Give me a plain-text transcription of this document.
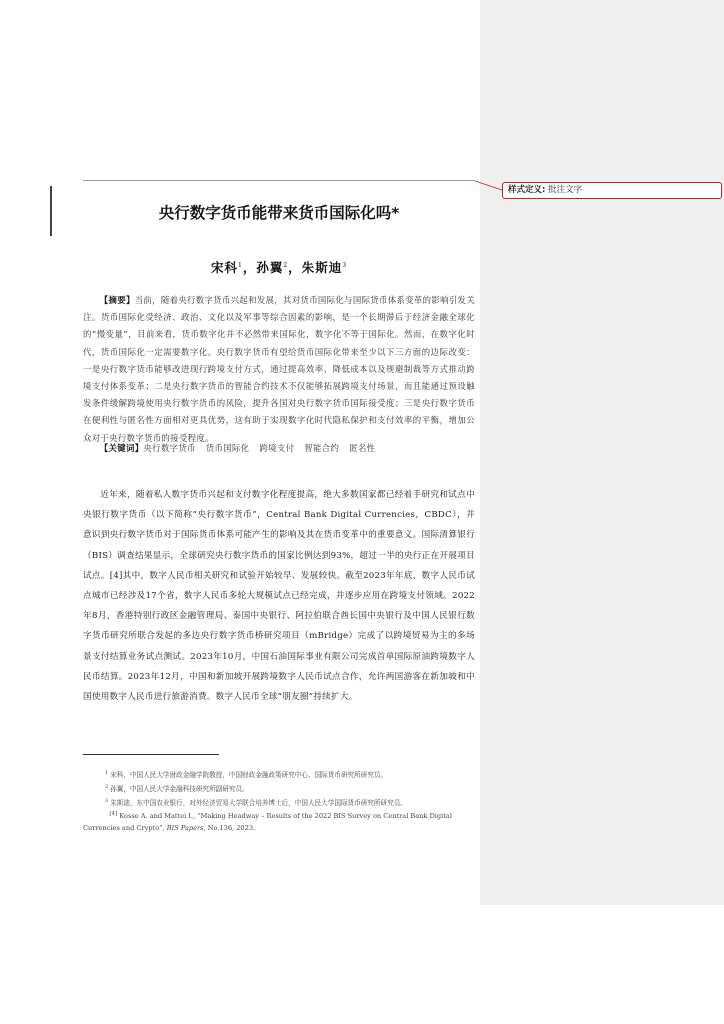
样式定义: 批注文字
央行数字货币能带来货币国际化吗*
宋科$^1$，孙翼$^2$，朱斯迪$^3$
【摘要】当前，随着央行数字货币兴起和发展，其对货币国际化与国际货币体系变革的影响引发关注。货币国际化受经济、政治、文化以及军事等综合因素的影响，是一个长期滞后于经济金融全球化的“慢变量”，目前来看，货币数字化并不必然带来国际化，数字化不等于国际化。然而，在数字化时代，货币国际化一定需要数字化。央行数字货币有望给货币国际化带来至少以下三方面的边际改变：一是央行数字货币能够改进现行跨境支付方式，通过提高效率、降低成本以及规避制裁等方式推动跨境支付体系变革；二是央行数字货币的智能合约技术不仅能够拓展跨境支付场景，而且能通过预设触发条件缓解跨境使用央行数字货币的风险，提升各国对央行数字货币国际接受度；三是央行数字货币在便利性与匿名性方面相对更具优势，这有助于实现数字化时代隐私保护和支付效率的平衡，增加公众对于央行数字货币的接受程度。
【关键词】央行数字货币 货币国际化 跨境支付 智能合约 匿名性
近年来，随着私人数字货币兴起和支付数字化程度提高，绝大多数国家都已经着手研究和试点中央银行数字货币（以下简称“央行数字货币”，Central Bank Digital Currencies，CBDC），并意识到央行数字货币对于国际货币体系可能产生的影响及其在货币变革中的重要意义。国际清算银行（BIS）调查结果显示，全球研究央行数字货币的国家比例达到93%，超过一半的央行正在开展项目试点。[4]其中，数字人民币相关研究和试验开始较早、发展较快。截至2023年年底，数字人民币试点城市已经涉及17个省，数字人民币多轮大规模试点已经完成，并逐步应用在跨境支付领域。2022年8月，香港特别行政区金融管理局、泰国中央银行、阿拉伯联合酋长国中央银行及中国人民银行数字货币研究所联合发起的多边央行数字货币桥研究项目（mBridge）完成了以跨境贸易为主的多场景支付结算业务试点测试。2023年10月，中国石油国际事业有限公司完成首单国际原油跨境数字人民币结算。2023年12月，中国和新加坡开展跨境数字人民币试点合作，允许两国游客在新加坡和中国使用数字人民币进行旅游消费。数字人民币全球“朋友圈”持续扩大。
$^1$ 宋科，中国人民大学财政金融学院教授，中国财政金融政策研究中心、国际货币研究所研究员。
$^2$ 孙翼，中国人民大学金融科技研究所副研究员。
$^3$ 朱斯迪，东中国农业银行，对外经济贸易大学联合培养博士后，中国人民大学国际货币研究所研究员。
[4] Kosse A. and Mattei I., “Making Headway – Results of the 2022 BIS Survey on Central Bank Digital Currencies and Crypto”, BIS Papers, No.136, 2023.
